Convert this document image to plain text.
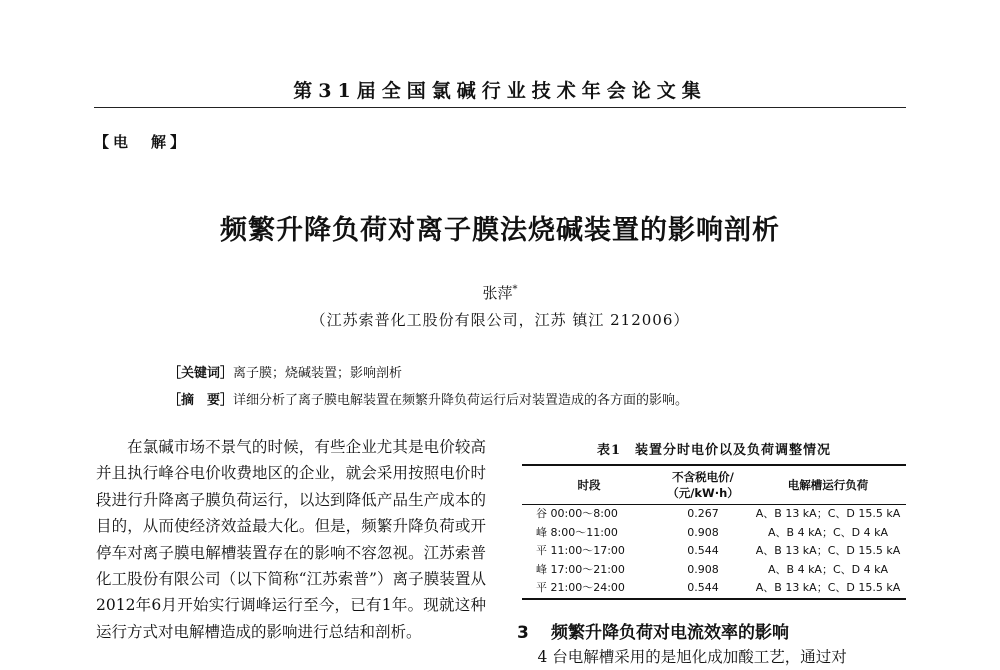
第31届全国氯碱行业技术年会论文集
【电　解】
频繁升降负荷对离子膜法烧碱装置的影响剖析
张萍*
（江苏索普化工股份有限公司，江苏 镇江 212006）
［关键词］离子膜；烧碱装置；影响剖析
［摘　要］详细分析了离子膜电解装置在频繁升降负荷运行后对装置造成的各方面的影响。
在氯碱市场不景气的时候，有些企业尤其是电价较高并且执行峰谷电价收费地区的企业，就会采用按照电价时段进行升降离子膜负荷运行，以达到降低产品生产成本的目的，从而使经济效益最大化。但是，频繁升降负荷或开停车对离子膜电解槽装置存在的影响不容忽视。江苏索普化工股份有限公司（以下简称“江苏索普”）离子膜装置从2012年6月开始实行调峰运行至今，已有1年。现就这种运行方式对电解槽造成的影响进行总结和剖析。
表1　装置分时电价以及负荷调整情况
时段	不含税电价/（元/kW·h）	电解槽运行负荷
谷 00:00～8:00	0.267	A、B 13 kA；C、D 15.5 kA
峰 8:00～11:00	0.908	A、B 4 kA；C、D 4 kA
平 11:00～17:00	0.544	A、B 13 kA；C、D 15.5 kA
峰 17:00～21:00	0.908	A、B 4 kA；C、D 4 kA
平 21:00～24:00	0.544	A、B 13 kA；C、D 15.5 kA
3 频繁升降负荷对电流效率的影响
4 台电解槽采用的是旭化成加酸工艺，通过对
